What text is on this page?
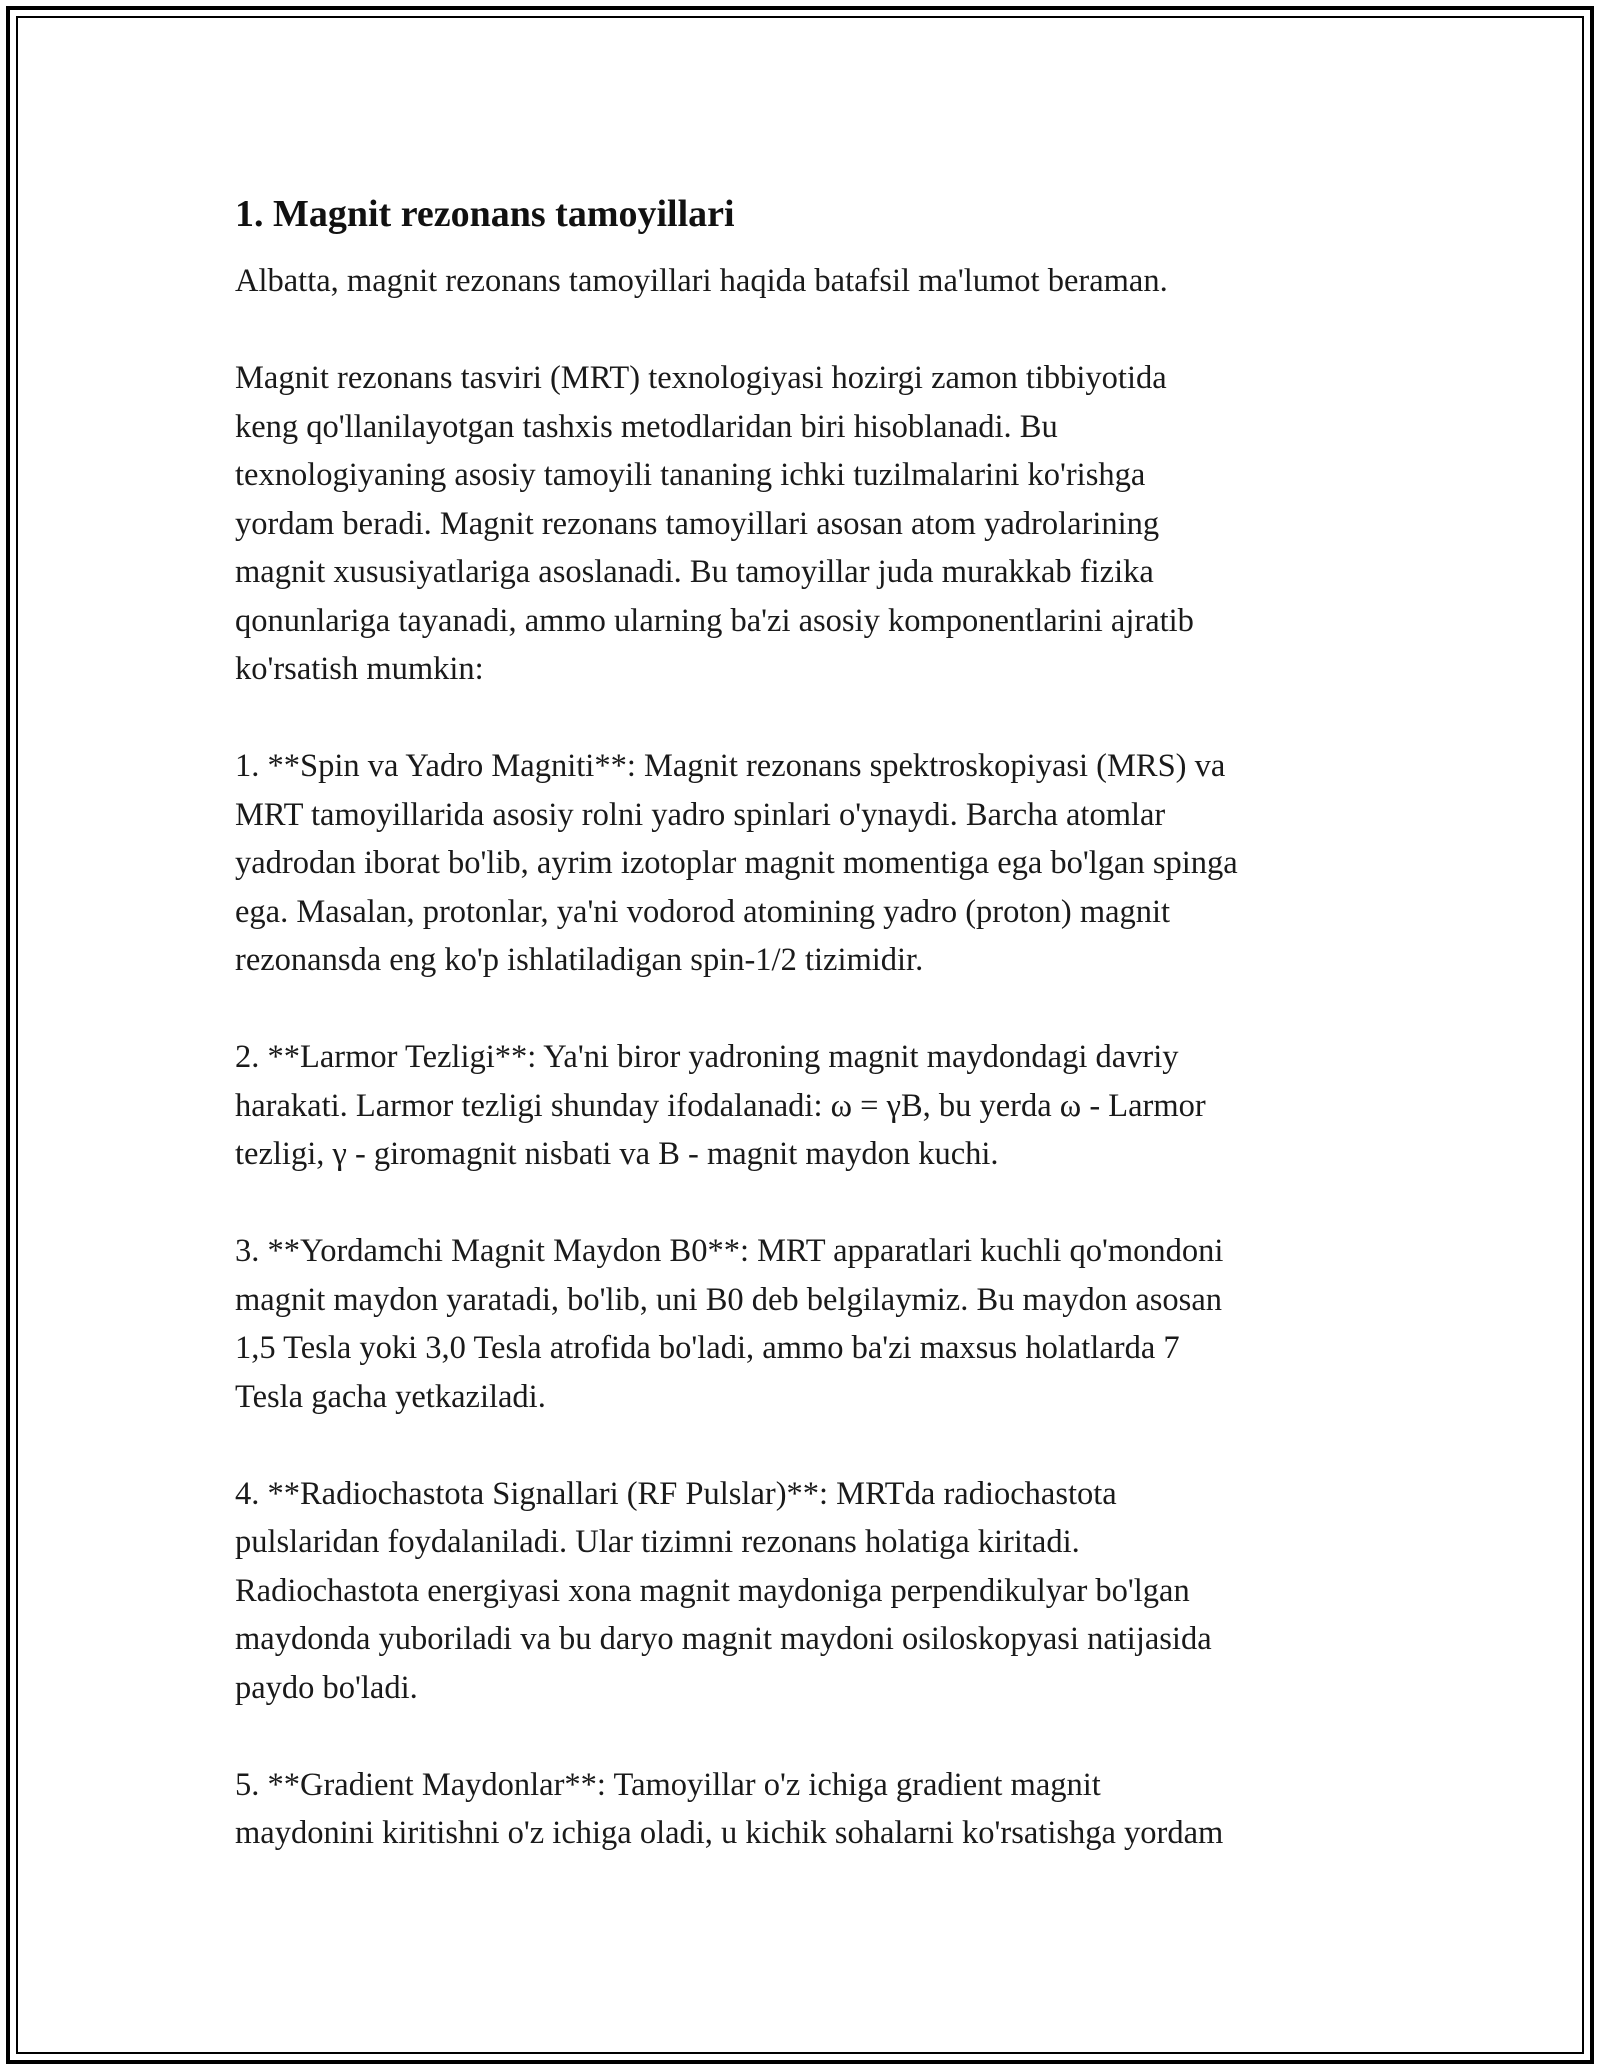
1. Magnit rezonans tamoyillari

Albatta, magnit rezonans tamoyillari haqida batafsil ma'lumot beraman.

Magnit rezonans tasviri (MRT) texnologiyasi hozirgi zamon tibbiyotida
keng qo'llanilayotgan tashxis metodlaridan biri hisoblanadi. Bu
texnologiyaning asosiy tamoyili tananing ichki tuzilmalarini ko'rishga
yordam beradi. Magnit rezonans tamoyillari asosan atom yadrolarining
magnit xususiyatlariga asoslanadi. Bu tamoyillar juda murakkab fizika
qonunlariga tayanadi, ammo ularning ba'zi asosiy komponentlarini ajratib
ko'rsatish mumkin:

1. **Spin va Yadro Magniti**: Magnit rezonans spektroskopiyasi (MRS) va
MRT tamoyillarida asosiy rolni yadro spinlari o'ynaydi. Barcha atomlar
yadrodan iborat bo'lib, ayrim izotoplar magnit momentiga ega bo'lgan spinga
ega. Masalan, protonlar, ya'ni vodorod atomining yadro (proton) magnit
rezonansda eng ko'p ishlatiladigan spin-1/2 tizimidir.

2. **Larmor Tezligi**: Ya'ni biror yadroning magnit maydondagi davriy
harakati. Larmor tezligi shunday ifodalanadi: ω = γB, bu yerda ω - Larmor
tezligi, γ - giromagnit nisbati va B - magnit maydon kuchi.

3. **Yordamchi Magnit Maydon B0**: MRT apparatlari kuchli qo'mondoni
magnit maydon yaratadi, bo'lib, uni B0 deb belgilaymiz. Bu maydon asosan
1,5 Tesla yoki 3,0 Tesla atrofida bo'ladi, ammo ba'zi maxsus holatlarda 7
Tesla gacha yetkaziladi.

4. **Radiochastota Signallari (RF Pulslar)**: MRTda radiochastota
pulslaridan foydalaniladi. Ular tizimni rezonans holatiga kiritadi.
Radiochastota energiyasi xona magnit maydoniga perpendikulyar bo'lgan
maydonda yuboriladi va bu daryo magnit maydoni osiloskopyasi natijasida
paydo bo'ladi.

5. **Gradient Maydonlar**: Tamoyillar o'z ichiga gradient magnit
maydonini kiritishni o'z ichiga oladi, u kichik sohalarni ko'rsatishga yordam
